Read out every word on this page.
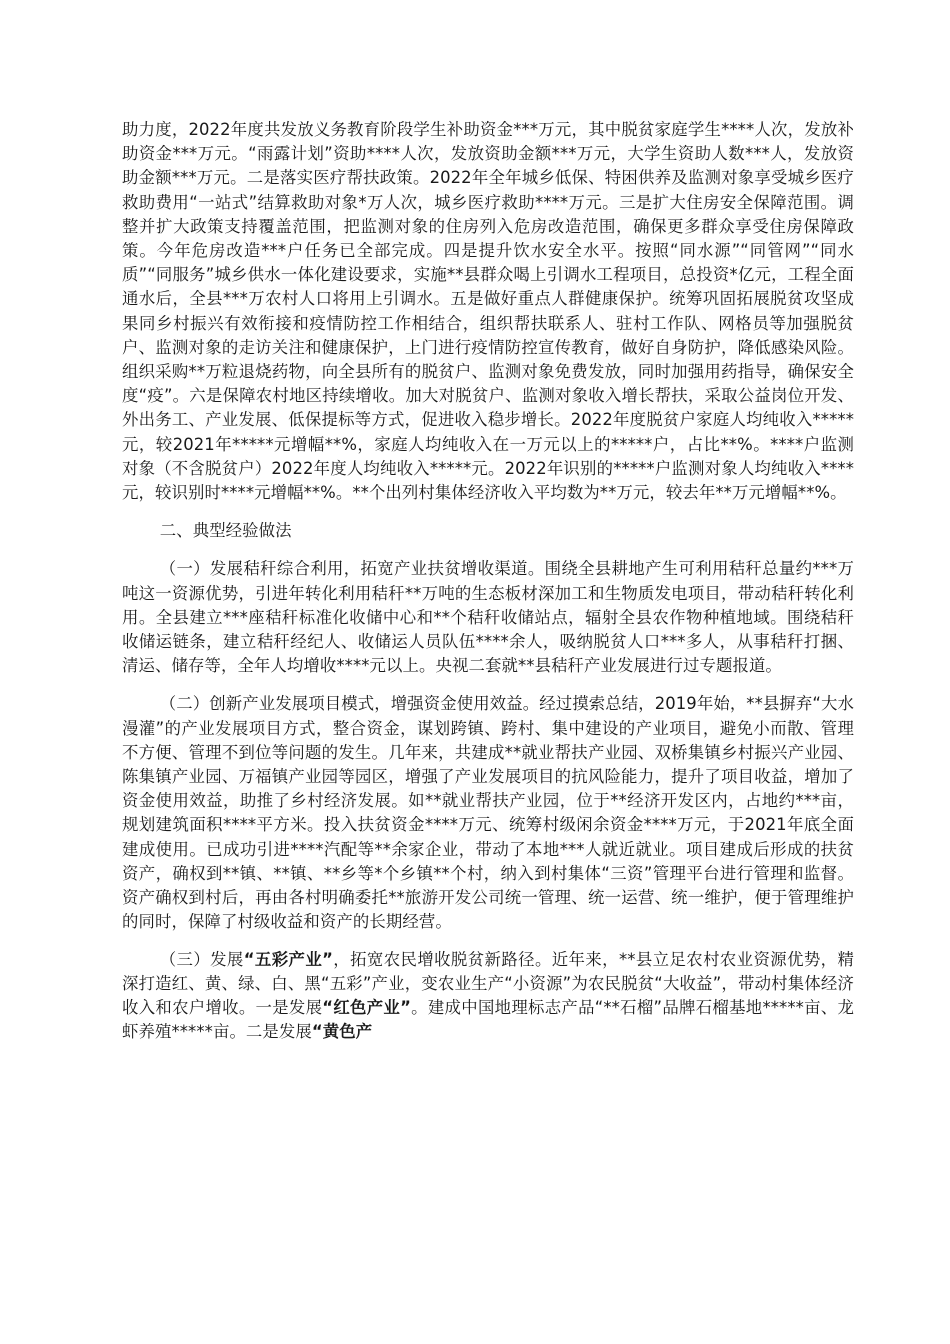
助力度，2022年度共发放义务教育阶段学生补助资金***万元，其中脱贫家庭学生****人次，发放补助资金***万元。“雨露计划”资助****人次，发放资助金额***万元，大学生资助人数***人，发放资助金额***万元。二是落实医疗帮扶政策。2022年全年城乡低保、特困供养及监测对象享受城乡医疗救助费用“一站式”结算救助对象*万人次，城乡医疗救助****万元。三是扩大住房安全保障范围。调整并扩大政策支持覆盖范围，把监测对象的住房列入危房改造范围，确保更多群众享受住房保障政策。今年危房改造***户任务已全部完成。四是提升饮水安全水平。按照“同水源”“同管网”“同水质”“同服务”城乡供水一体化建设要求，实施**县群众喝上引调水工程项目，总投资*亿元，工程全面通水后，全县***万农村人口将用上引调水。五是做好重点人群健康保护。统筹巩固拓展脱贫攻坚成果同乡村振兴有效衔接和疫情防控工作相结合，组织帮扶联系人、驻村工作队、网格员等加强脱贫户、监测对象的走访关注和健康保护，上门进行疫情防控宣传教育，做好自身防护，降低感染风险。组织采购**万粒退烧药物，向全县所有的脱贫户、监测对象免费发放，同时加强用药指导，确保安全度“疫”。六是保障农村地区持续增收。加大对脱贫户、监测对象收入增长帮扶，采取公益岗位开发、外出务工、产业发展、低保提标等方式，促进收入稳步增长。2022年度脱贫户家庭人均纯收入*****元，较2021年*****元增幅**%，家庭人均纯收入在一万元以上的*****户，占比**%。****户监测对象（不含脱贫户）2022年度人均纯收入*****元。2022年识别的*****户监测对象人均纯收入****元，较识别时****元增幅**%。**个出列村集体经济收入平均数为**万元，较去年**万元增幅**%。

二、典型经验做法

（一）发展秸秆综合利用，拓宽产业扶贫增收渠道。围绕全县耕地产生可利用秸秆总量约***万吨这一资源优势，引进年转化利用秸秆**万吨的生态板材深加工和生物质发电项目，带动秸秆转化利用。全县建立***座秸秆标准化收储中心和**个秸秆收储站点，辐射全县农作物种植地域。围绕秸秆收储运链条，建立秸秆经纪人、收储运人员队伍****余人，吸纳脱贫人口***多人，从事秸秆打捆、清运、储存等，全年人均增收****元以上。央视二套就**县秸秆产业发展进行过专题报道。

（二）创新产业发展项目模式，增强资金使用效益。经过摸索总结，2019年始，**县摒弃“大水漫灌”的产业发展项目方式，整合资金，谋划跨镇、跨村、集中建设的产业项目，避免小而散、管理不方便、管理不到位等问题的发生。几年来，共建成**就业帮扶产业园、双桥集镇乡村振兴产业园、陈集镇产业园、万福镇产业园等园区，增强了产业发展项目的抗风险能力，提升了项目收益，增加了资金使用效益，助推了乡村经济发展。如**就业帮扶产业园，位于**经济开发区内，占地约***亩，规划建筑面积****平方米。投入扶贫资金****万元、统筹村级闲余资金****万元，于2021年底全面建成使用。已成功引进****汽配等**余家企业，带动了本地***人就近就业。项目建成后形成的扶贫资产，确权到**镇、**镇、**乡等*个乡镇**个村，纳入到村集体“三资”管理平台进行管理和监督。资产确权到村后，再由各村明确委托**旅游开发公司统一管理、统一运营、统一维护，便于管理维护的同时，保障了村级收益和资产的长期经营。

（三）发展“五彩产业”，拓宽农民增收脱贫新路径。近年来，**县立足农村农业资源优势，精深打造红、黄、绿、白、黑“五彩”产业，变农业生产“小资源”为农民脱贫“大收益”，带动村集体经济收入和农户增收。一是发展“红色产业”。建成中国地理标志产品“**石榴”品牌石榴基地*****亩、龙虾养殖*****亩。二是发展“黄色产
